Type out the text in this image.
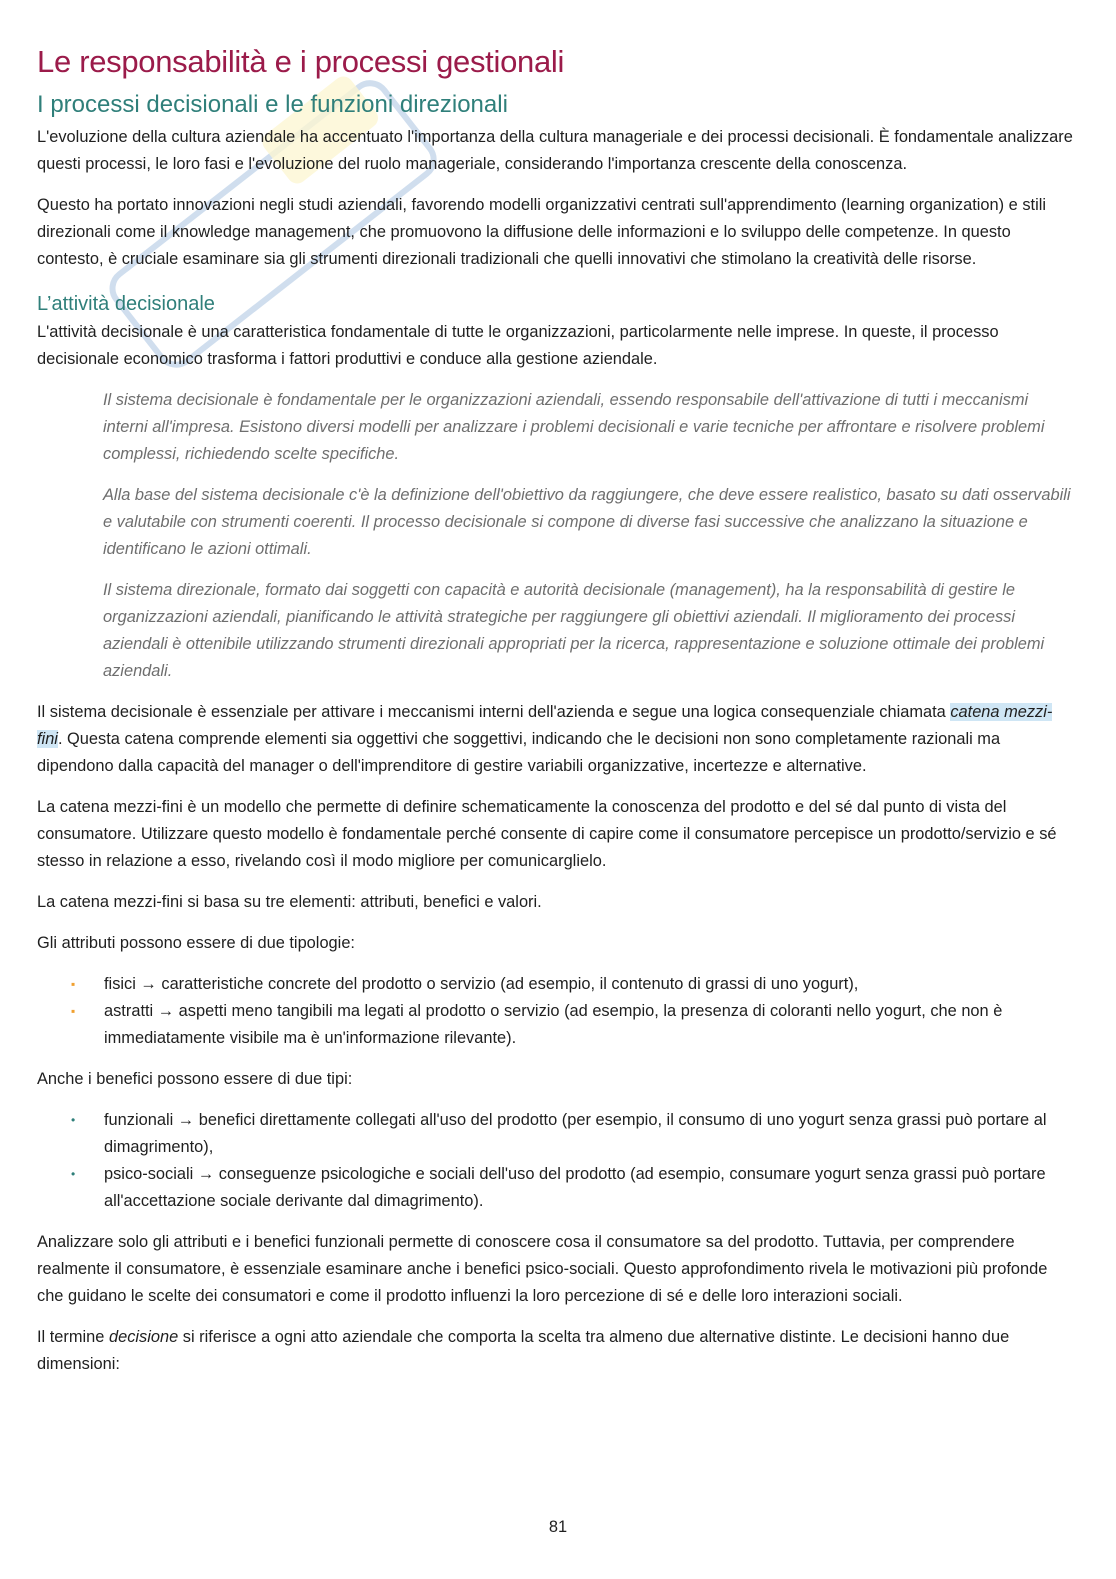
Le responsabilità e i processi gestionali
I processi decisionali e le funzioni direzionali

L'evoluzione della cultura aziendale ha accentuato l'importanza della cultura manageriale e dei processi decisionali. È fondamentale analizzare questi processi, le loro fasi e l'evoluzione del ruolo manageriale, considerando l'importanza crescente della conoscenza.

Questo ha portato innovazioni negli studi aziendali, favorendo modelli organizzativi centrati sull'apprendimento (learning organization) e stili direzionali come il knowledge management, che promuovono la diffusione delle informazioni e lo sviluppo delle competenze. In questo contesto, è cruciale esaminare sia gli strumenti direzionali tradizionali che quelli innovativi che stimolano la creatività delle risorse.

L’attività decisionale

L'attività decisionale è una caratteristica fondamentale di tutte le organizzazioni, particolarmente nelle imprese. In queste, il processo decisionale economico trasforma i fattori produttivi e conduce alla gestione aziendale.

Il sistema decisionale è fondamentale per le organizzazioni aziendali, essendo responsabile dell'attivazione di tutti i meccanismi interni all'impresa. Esistono diversi modelli per analizzare i problemi decisionali e varie tecniche per affrontare e risolvere problemi complessi, richiedendo scelte specifiche.

Alla base del sistema decisionale c'è la definizione dell'obiettivo da raggiungere, che deve essere realistico, basato su dati osservabili e valutabile con strumenti coerenti. Il processo decisionale si compone di diverse fasi successive che analizzano la situazione e identificano le azioni ottimali.

Il sistema direzionale, formato dai soggetti con capacità e autorità decisionale (management), ha la responsabilità di gestire le organizzazioni aziendali, pianificando le attività strategiche per raggiungere gli obiettivi aziendali. Il miglioramento dei processi aziendali è ottenibile utilizzando strumenti direzionali appropriati per la ricerca, rappresentazione e soluzione ottimale dei problemi aziendali.

Il sistema decisionale è essenziale per attivare i meccanismi interni dell'azienda e segue una logica consequenziale chiamata catena mezzi-fini. Questa catena comprende elementi sia oggettivi che soggettivi, indicando che le decisioni non sono completamente razionali ma dipendono dalla capacità del manager o dell'imprenditore di gestire variabili organizzative, incertezze e alternative.

La catena mezzi-fini è un modello che permette di definire schematicamente la conoscenza del prodotto e del sé dal punto di vista del consumatore. Utilizzare questo modello è fondamentale perché consente di capire come il consumatore percepisce un prodotto/servizio e sé stesso in relazione a esso, rivelando così il modo migliore per comunicarglielo.

La catena mezzi-fini si basa su tre elementi: attributi, benefici e valori.

Gli attributi possono essere di due tipologie:

▪ fisici → caratteristiche concrete del prodotto o servizio (ad esempio, il contenuto di grassi di uno yogurt),
▪ astratti → aspetti meno tangibili ma legati al prodotto o servizio (ad esempio, la presenza di coloranti nello yogurt, che non è immediatamente visibile ma è un'informazione rilevante).

Anche i benefici possono essere di due tipi:

• funzionali → benefici direttamente collegati all'uso del prodotto (per esempio, il consumo di uno yogurt senza grassi può portare al dimagrimento),
• psico-sociali → conseguenze psicologiche e sociali dell'uso del prodotto (ad esempio, consumare yogurt senza grassi può portare all'accettazione sociale derivante dal dimagrimento).

Analizzare solo gli attributi e i benefici funzionali permette di conoscere cosa il consumatore sa del prodotto. Tuttavia, per comprendere realmente il consumatore, è essenziale esaminare anche i benefici psico-sociali. Questo approfondimento rivela le motivazioni più profonde che guidano le scelte dei consumatori e come il prodotto influenzi la loro percezione di sé e delle loro interazioni sociali.

Il termine decisione si riferisce a ogni atto aziendale che comporta la scelta tra almeno due alternative distinte. Le decisioni hanno due dimensioni:

81
